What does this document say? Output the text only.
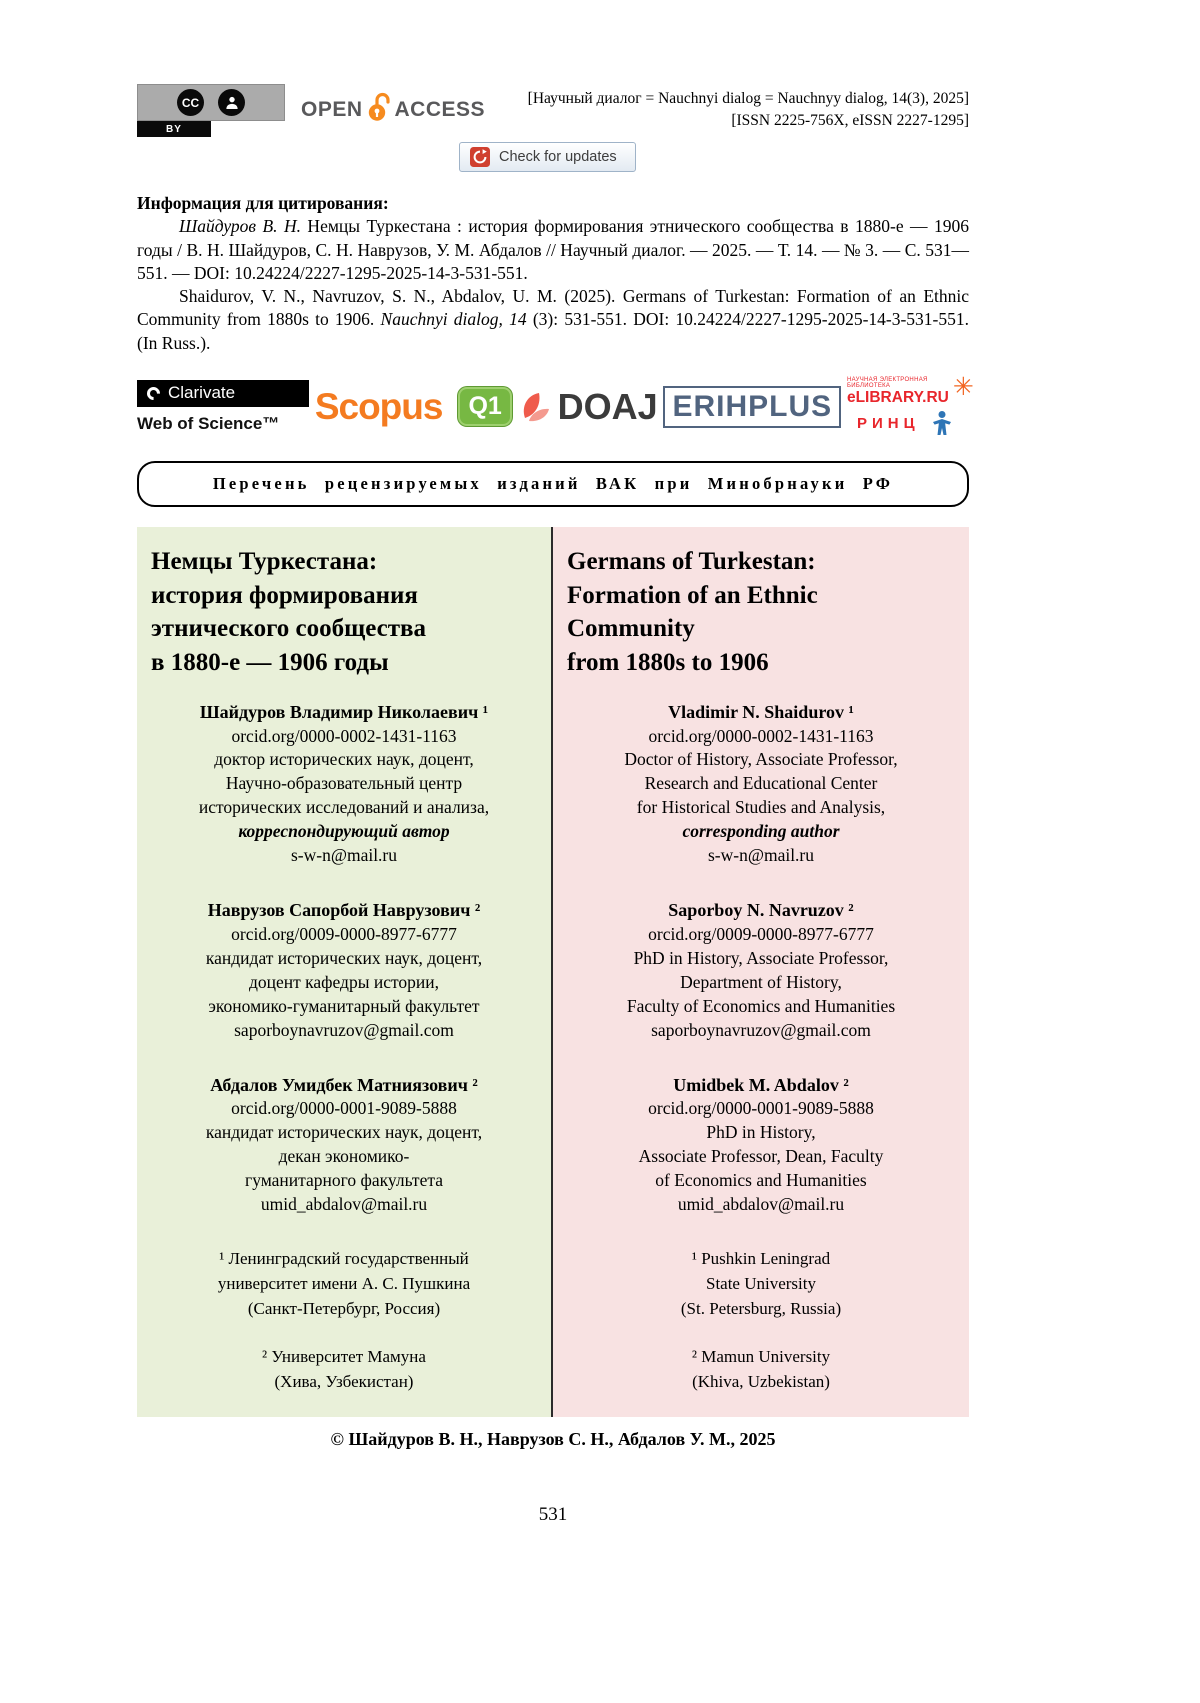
CC
BY
OPEN ACCESS	[Научный диалог = Nauchnyi dialog = Nauchnyy dialog, 14(3), 2025]
[ISSN 2225-756X, eISSN 2227-1295]
Check for updates

Информация для цитирования:

Шайдуров В. Н. Немцы Туркестана : история формирования этнического сообщества в 1880-е — 1906 годы / В. Н. Шайдуров, С. Н. Наврузов, У. М. Абдалов // Научный диалог. — 2025. — Т. 14. — № 3. — С. 531—551. — DOI: 10.24224/2227-1295-2025-14-3-531-551.

Shaidurov, V. N., Navruzov, S. N., Abdalov, U. M. (2025). Germans of Turkestan: Formation of an Ethnic Community from 1880s to 1906. Nauchnyi dialog, 14 (3): 531-551. DOI: 10.24224/2227-1295-2025-14-3-531-551. (In Russ.).

Clarivate
Web of Science™ Scopus	Q1 DOAJ ERIHPLUS
НАУЧНАЯ ЭЛЕКТРОННАЯ БИБЛИОТЕКА
eLIBRARY.RU ✳
РИНЦ
Перечень рецензируемых изданий ВАК при Минобрнауки РФ
Немцы Туркестана:
история формирования
этнического сообщества
в 1880-е — 1906 годы
Шайдуров Владимир Николаевич ¹
orcid.org/0000-0002-1431-1163
доктор исторических наук, доцент,
Научно-образовательный центр
исторических исследований и анализа,
корреспондирующий автор
s-w-n@mail.ru
Наврузов Сапорбой Наврузович ²
orcid.org/0009-0000-8977-6777
кандидат исторических наук, доцент,
доцент кафедры истории,
экономико-гуманитарный факультет
saporboynavruzov@gmail.com
Абдалов Умидбек Матниязович ²
orcid.org/0000-0001-9089-5888
кандидат исторических наук, доцент,
декан экономико-
гуманитарного факультета
umid_abdalov@mail.ru
¹ Ленинградский государственный
университет имени А. С. Пушкина
(Санкт-Петербург, Россия)
² Университет Мамуна
(Хива, Узбекистан)
Germans of Turkestan:
Formation of an Ethnic
Community
from 1880s to 1906
Vladimir N. Shaidurov ¹
orcid.org/0000-0002-1431-1163
Doctor of History, Associate Professor,
Research and Educational Center
for Historical Studies and Analysis,
corresponding author
s-w-n@mail.ru
Saporboy N. Navruzov ²
orcid.org/0009-0000-8977-6777
PhD in History, Associate Professor,
Department of History,
Faculty of Economics and Humanities
saporboynavruzov@gmail.com
Umidbek M. Abdalov ²
orcid.org/0000-0001-9089-5888
PhD in History,
Associate Professor, Dean, Faculty
of Economics and Humanities
umid_abdalov@mail.ru
¹ Pushkin Leningrad
State University
(St. Petersburg, Russia)
² Mamun University
(Khiva, Uzbekistan)

© Шайдуров В. Н., Наврузов С. Н., Абдалов У. М., 2025

531
